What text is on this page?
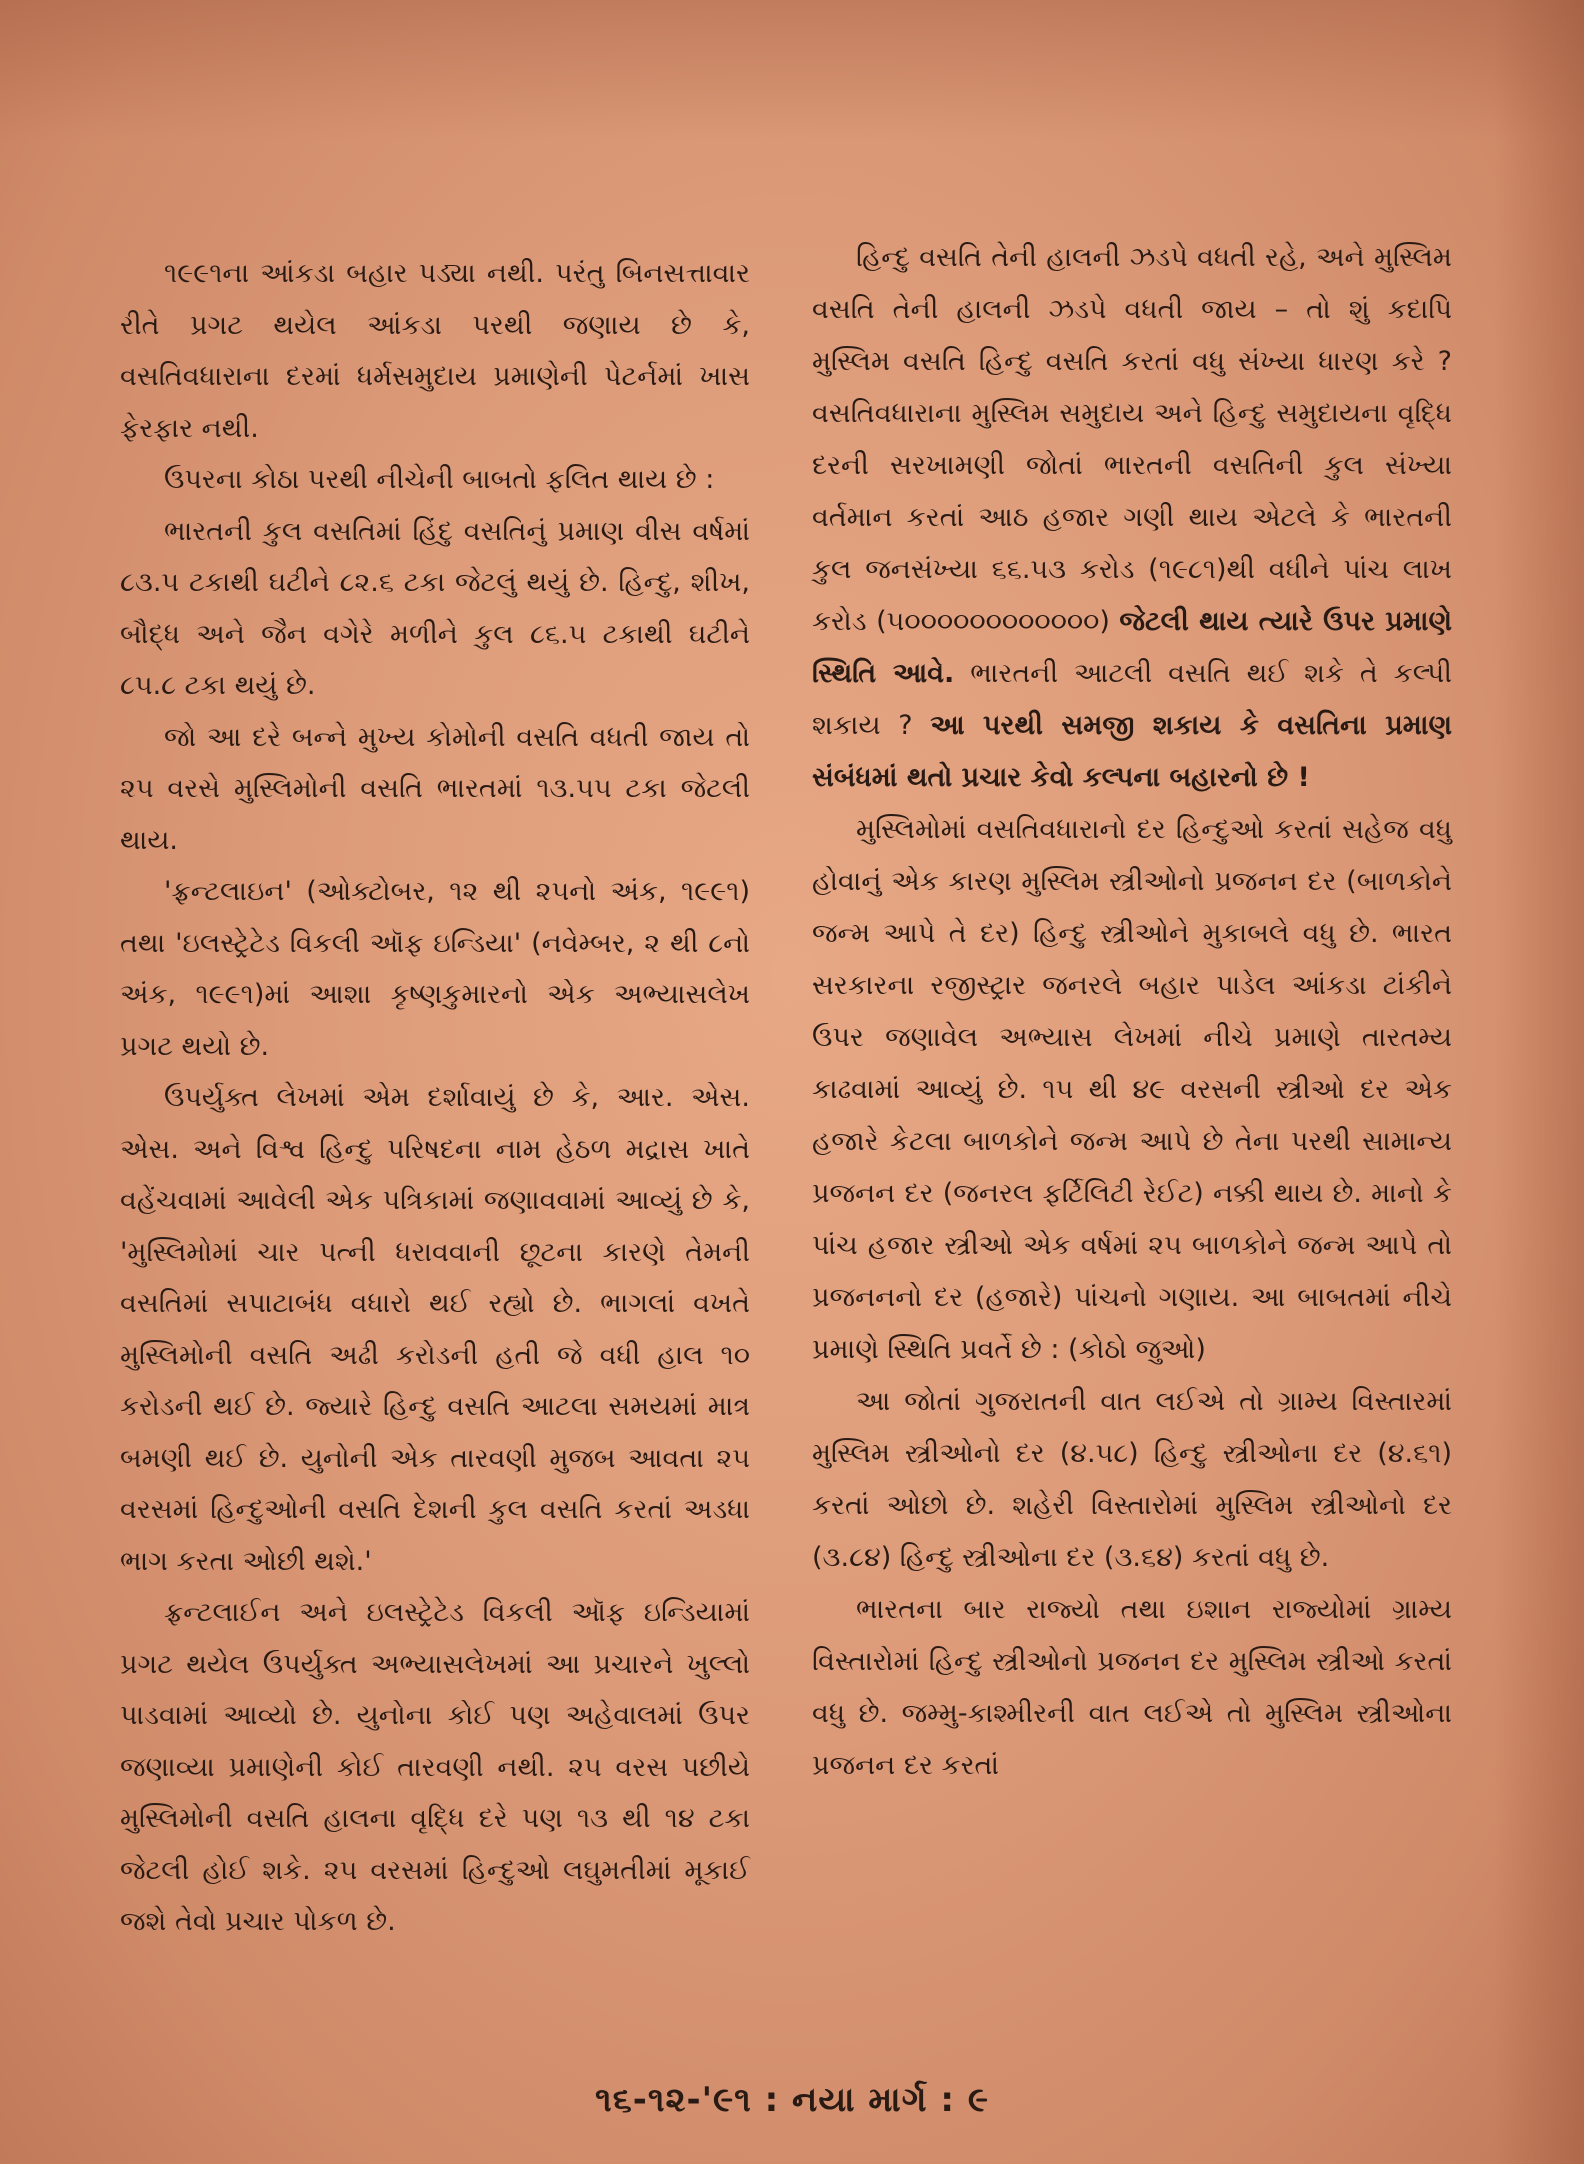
૧૯૯૧ના આંકડા બહાર પડ્યા નથી. પરંતુ બિનસત્તાવાર રીતે પ્રગટ થયેલ આંકડા પરથી જણાય છે કે, વસતિવધારાના દરમાં ધર્મસમુદાય પ્રમાણેની પેટર્નમાં ખાસ ફેરફાર નથી.

ઉપરના કોઠા પરથી નીચેની બાબતો ફલિત થાય છે :

ભારતની કુલ વસતિમાં હિંદુ વસતિનું પ્રમાણ વીસ વર્ષમાં ૮૩.૫ ટકાથી ઘટીને ૮૨.૬ ટકા જેટલું થયું છે. હિન્દુ, શીખ, બૌદ્ધ અને જૈન વગેરે મળીને કુલ ૮૬.૫ ટકાથી ઘટીને ૮૫.૮ ટકા થયું છે.

જો આ દરે બન્ને મુખ્ય કોમોની વસતિ વધતી જાય તો ૨૫ વરસે મુસ્લિમોની વસતિ ભારતમાં ૧૩.૫૫ ટકા જેટલી થાય.

'ફ્રન્ટલાઇન' (ઓક્ટોબર, ૧૨ થી ૨૫નો અંક, ૧૯૯૧) તથા 'ઇલસ્ટ્રેટેડ વિકલી ઑફ ઇન્ડિયા' (નવેમ્બર, ૨ થી ૮નો અંક, ૧૯૯૧)માં આશા કૃષ્ણકુમારનો એક અભ્યાસલેખ પ્રગટ થયો છે.

ઉપર્યુક્ત લેખમાં એમ દર્શાવાયું છે કે, આર. એસ. એસ. અને વિશ્વ હિન્દુ પરિષદના નામ હેઠળ મદ્રાસ ખાતે વહેંચવામાં આવેલી એક પત્રિકામાં જણાવવામાં આવ્યું છે કે, 'મુસ્લિમોમાં ચાર પત્ની ધરાવવાની છૂટના કારણે તેમની વસતિમાં સપાટાબંધ વધારો થઈ રહ્યો છે. ભાગલાં વખતે મુસ્લિમોની વસતિ અઢી કરોડની હતી જે વધી હાલ ૧૦ કરોડની થઈ છે. જ્યારે હિન્દુ વસતિ આટલા સમયમાં માત્ર બમણી થઈ છે. યુનોની એક તારવણી મુજબ આવતા ૨૫ વરસમાં હિન્દુઓની વસતિ દેશની કુલ વસતિ કરતાં અડધા ભાગ કરતા ઓછી થશે.'

ફ્રન્ટલાઈન અને ઇલસ્ટ્રેટેડ વિકલી ઑફ ઇન્ડિયામાં પ્રગટ થયેલ ઉપર્યુક્ત અભ્યાસલેખમાં આ પ્રચારને ખુલ્લો પાડવામાં આવ્યો છે. યુનોના કોઈ પણ અહેવાલમાં ઉપર જણાવ્યા પ્રમાણેની કોઈ તારવણી નથી. ૨૫ વરસ પછીયે મુસ્લિમોની વસતિ હાલના વૃદ્ધિ દરે પણ ૧૩ થી ૧૪ ટકા જેટલી હોઈ શકે. ૨૫ વરસમાં હિન્દુઓ લઘુમતીમાં મૂકાઈ જશે તેવો પ્રચાર પોકળ છે.

હિન્દુ વસતિ તેની હાલની ઝડપે વધતી રહે, અને મુસ્લિમ વસતિ તેની હાલની ઝડપે વધતી જાય – તો શું કદાપિ મુસ્લિમ વસતિ હિન્દુ વસતિ કરતાં વધુ સંખ્યા ધારણ કરે ? વસતિવધારાના મુસ્લિમ સમુદાય અને હિન્દુ સમુદાયના વૃદ્ધિ દરની સરખામણી જોતાં ભારતની વસતિની કુલ સંખ્યા વર્તમાન કરતાં આઠ હજાર ગણી થાય એટલે કે ભારતની કુલ જનસંખ્યા ૬૬.૫૩ કરોડ (૧૯૮૧)થી વધીને પાંચ લાખ કરોડ (૫૦૦૦૦૦૦૦૦૦૦૦૦) જેટલી થાય ત્યારે ઉપર પ્રમાણે સ્થિતિ આવે. ભારતની આટલી વસતિ થઈ શકે તે કલ્પી શકાય ? આ પરથી સમજી શકાય કે વસતિના પ્રમાણ સંબંધમાં થતો પ્રચાર કેવો કલ્પના બહારનો છે !

મુસ્લિમોમાં વસતિવધારાનો દર હિન્દુઓ કરતાં સહેજ વધુ હોવાનું એક કારણ મુસ્લિમ સ્ત્રીઓનો પ્રજનન દર (બાળકોને જન્મ આપે તે દર) હિન્દુ સ્ત્રીઓને મુકાબલે વધુ છે. ભારત સરકારના રજીસ્ટ્રાર જનરલે બહાર પાડેલ આંકડા ટાંકીને ઉપર જણાવેલ અભ્યાસ લેખમાં નીચે પ્રમાણે તારતમ્ય કાઢવામાં આવ્યું છે. ૧૫ થી ૪૯ વરસની સ્ત્રીઓ દર એક હજારે કેટલા બાળકોને જન્મ આપે છે તેના પરથી સામાન્ય પ્રજનન દર (જનરલ ફર્ટિલિટી રેઈટ) નક્કી થાય છે. માનો કે પાંચ હજાર સ્ત્રીઓ એક વર્ષમાં ૨૫ બાળકોને જન્મ આપે તો પ્રજનનનો દર (હજારે) પાંચનો ગણાય. આ બાબતમાં નીચે પ્રમાણે સ્થિતિ પ્રવર્તે છે : (કોઠો જુઓ)

આ જોતાં ગુજરાતની વાત લઈએ તો ગ્રામ્ય વિસ્તારમાં મુસ્લિમ સ્ત્રીઓનો દર (૪.૫૮) હિન્દુ સ્ત્રીઓના દર (૪.૬૧) કરતાં ઓછો છે. શહેરી વિસ્તારોમાં મુસ્લિમ સ્ત્રીઓનો દર (૩.૮૪) હિન્દુ સ્ત્રીઓના દર (૩.૬૪) કરતાં વધુ છે.

ભારતના બાર રાજ્યો તથા ઇશાન રાજ્યોમાં ગ્રામ્ય વિસ્તારોમાં હિન્દુ સ્ત્રીઓનો પ્રજનન દર મુસ્લિમ સ્ત્રીઓ કરતાં વધુ છે. જમ્મુ-કાશ્મીરની વાત લઈએ તો મુસ્લિમ સ્ત્રીઓના પ્રજનન દર કરતાં

૧૬-૧૨-'૯૧ : નયા માર્ગ : ૯
